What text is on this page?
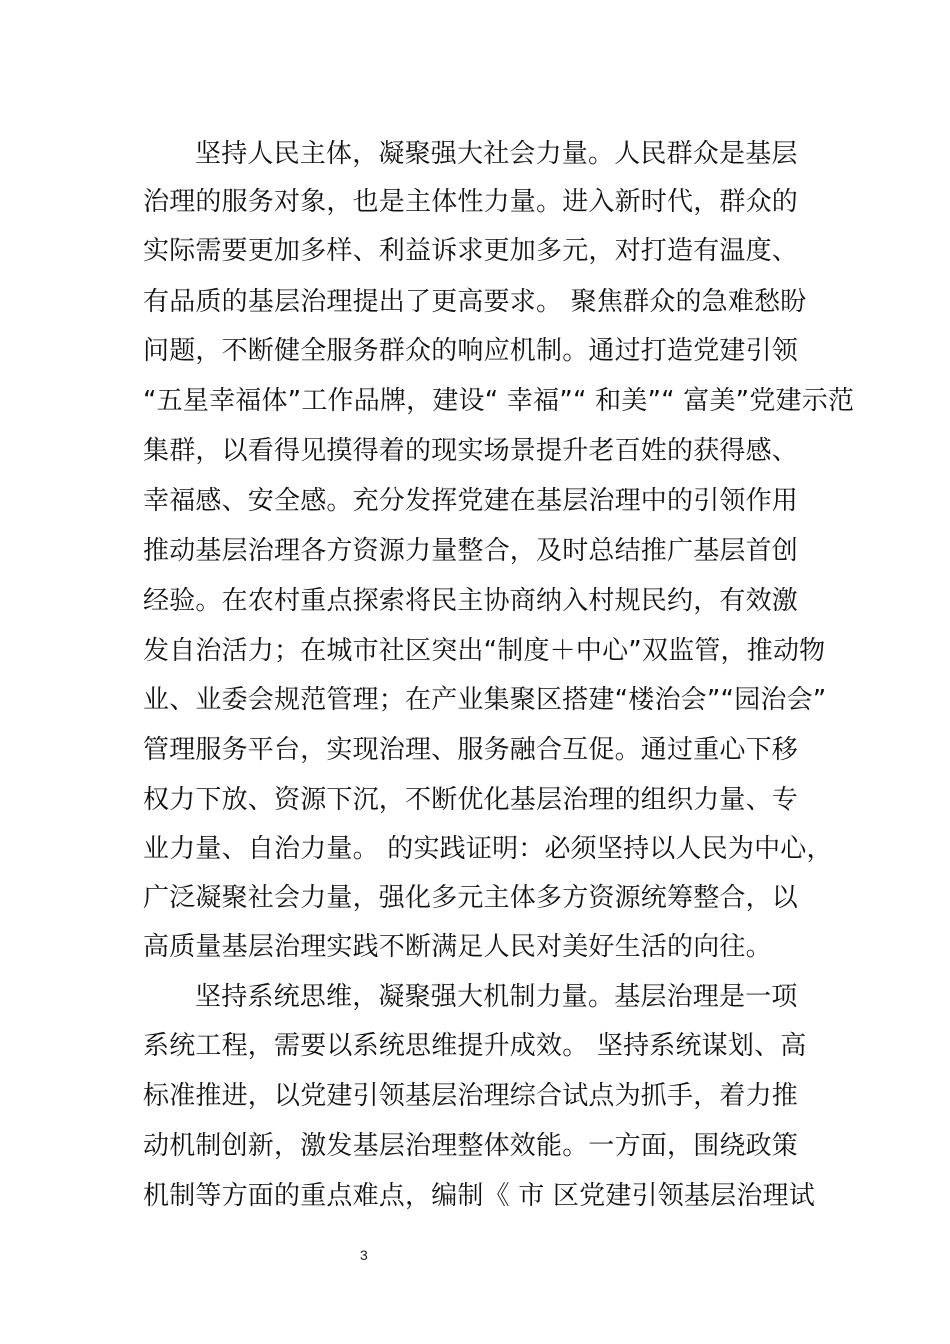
坚持人民主体，凝聚强大社会力量。人民群众是基层
治理的服务对象，也是主体性力量。进入新时代，群众的
实际需要更加多样、利益诉求更加多元，对打造有温度、
有品质的基层治理提出了更高要求。 聚焦群众的急难愁盼
问题，不断健全服务群众的响应机制。通过打造党建引领
“五星幸福体”工作品牌，建设“ 幸福”“ 和美”“ 富美”党建示范
集群，以看得见摸得着的现实场景提升老百姓的获得感、
幸福感、安全感。充分发挥党建在基层治理中的引领作用
推动基层治理各方资源力量整合，及时总结推广基层首创
经验。在农村重点探索将民主协商纳入村规民约，有效激
发自治活力；在城市社区突出“制度＋中心”双监管，推动物
业、业委会规范管理；在产业集聚区搭建“楼治会”“园治会”
管理服务平台，实现治理、服务融合互促。通过重心下移
权力下放、资源下沉，不断优化基层治理的组织力量、专
业力量、自治力量。 的实践证明：必须坚持以人民为中心，
广泛凝聚社会力量，强化多元主体多方资源统筹整合，以
高质量基层治理实践不断满足人民对美好生活的向往。
坚持系统思维，凝聚强大机制力量。基层治理是一项
系统工程，需要以系统思维提升成效。 坚持系统谋划、高
标准推进，以党建引领基层治理综合试点为抓手，着力推
动机制创新，激发基层治理整体效能。一方面，围绕政策
机制等方面的重点难点，编制《 市 区党建引领基层治理试
3
